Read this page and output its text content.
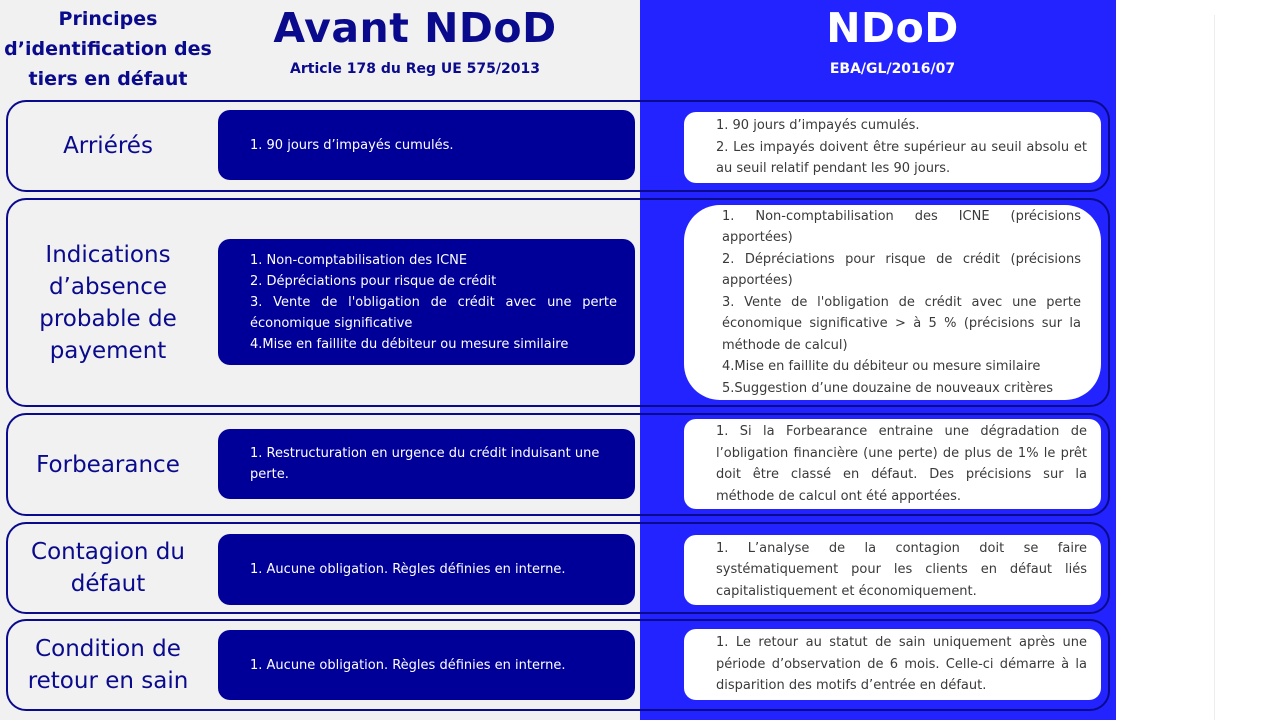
Principes
d’identification des
tiers en défaut
Avant NDoD
Article 178 du Reg UE 575/2013
NDoD
EBA/GL/2016/07
Arriérés	1. 90 jours d’impayés cumulés.
1. 90 jours d’impayés cumulés.
2. Les impayés doivent être supérieur au seuil absolu et au seuil relatif pendant les 90 jours.
Indications
d’absence
probable de
payement
1. Non-comptabilisation des ICNE
2. Dépréciations pour risque de crédit
3. Vente de l'obligation de crédit avec une perte économique significative
4.Mise en faillite du débiteur ou mesure similaire
1. Non-comptabilisation des ICNE (précisions apportées)
2. Dépréciations pour risque de crédit (précisions apportées)
3. Vente de l'obligation de crédit avec une perte économique significative > à 5 % (précisions sur la méthode de calcul)
4.Mise en faillite du débiteur ou mesure similaire
5.Suggestion d’une douzaine de nouveaux critères
Forbearance	1. Restructuration en urgence du crédit induisant une perte.
1. Si la Forbearance entraine une dégradation de l’obligation financière (une perte) de plus de 1% le prêt doit être classé en défaut. Des précisions sur la méthode de calcul ont été apportées.
Contagion du
défaut
1. Aucune obligation. Règles définies en interne.
1. L’analyse de la contagion doit se faire systématiquement pour les clients en défaut liés capitalistiquement et économiquement.
Condition de
retour en sain
1. Aucune obligation. Règles définies en interne.
1. Le retour au statut de sain uniquement après une période d’observation de 6 mois. Celle-ci démarre à la disparition des motifs d’entrée en défaut.
